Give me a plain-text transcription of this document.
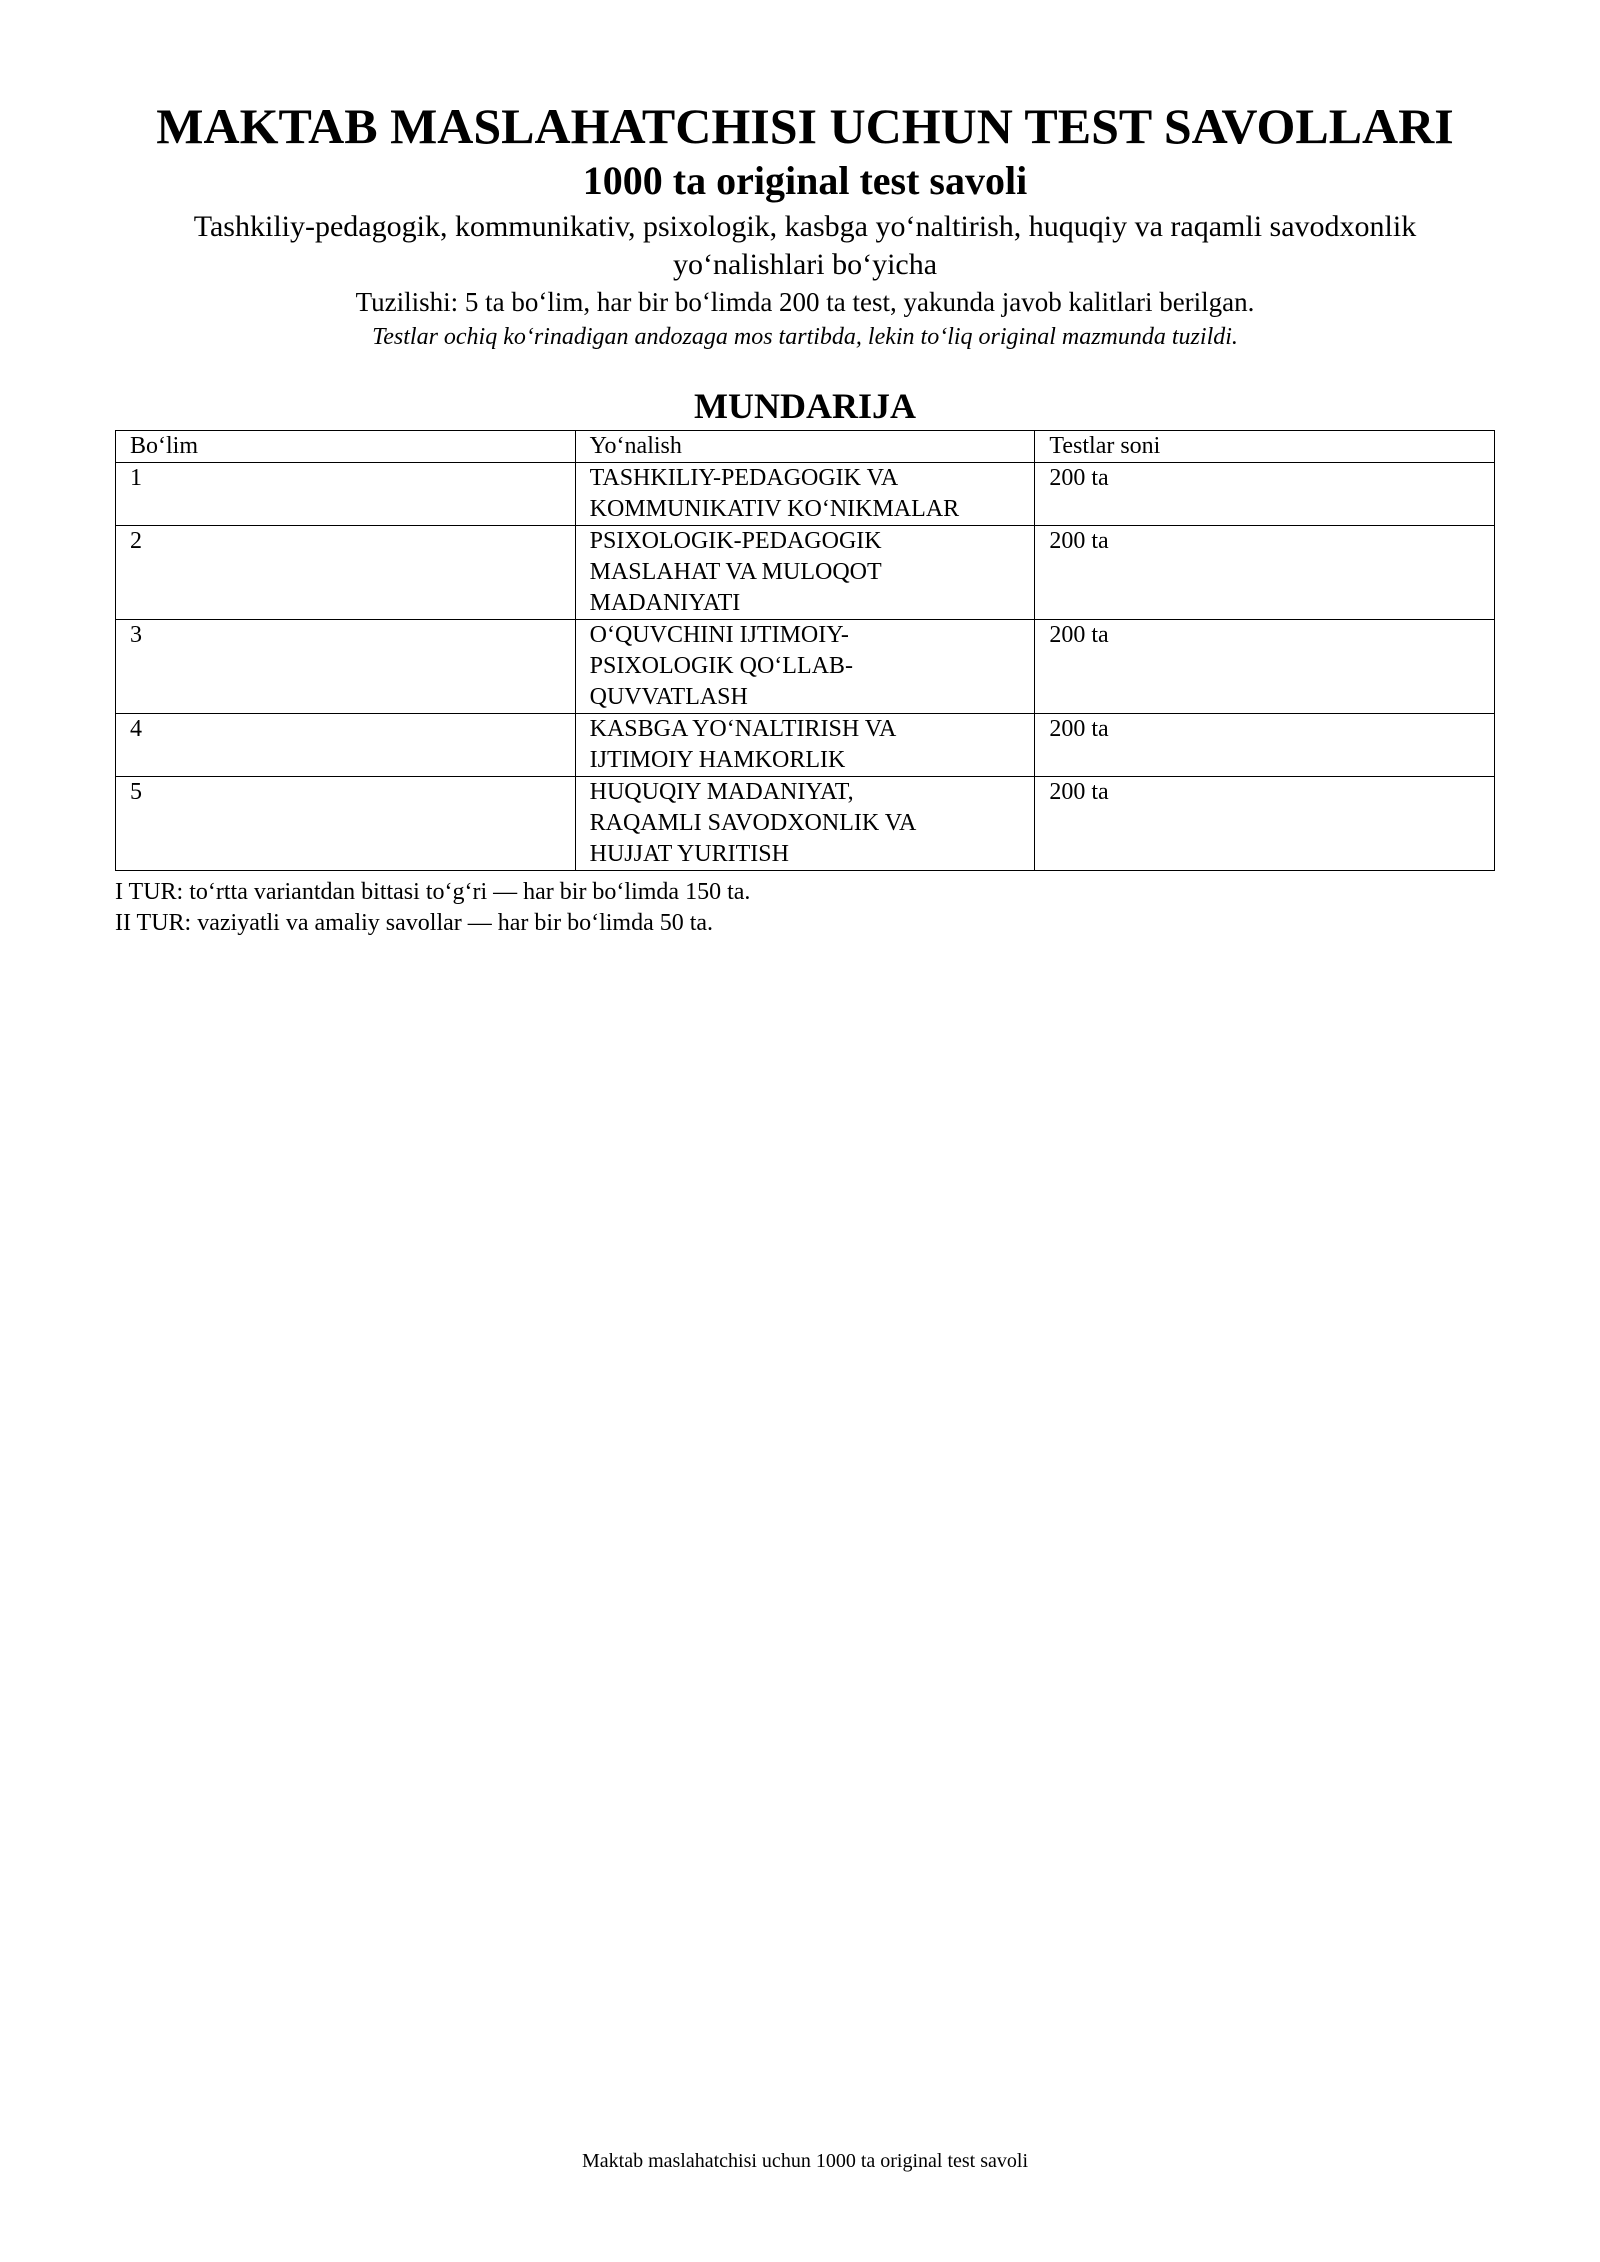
MAKTAB MASLAHATCHISI UCHUN TEST SAVOLLARI
1000 ta original test savoli
Tashkiliy-pedagogik, kommunikativ, psixologik, kasbga yo‘naltirish, huquqiy va raqamli savodxonlik
yo‘nalishlari bo‘yicha
Tuzilishi: 5 ta bo‘lim, har bir bo‘limda 200 ta test, yakunda javob kalitlari berilgan.
Testlar ochiq ko‘rinadigan andozaga mos tartibda, lekin to‘liq original mazmunda tuzildi.
MUNDARIJA
Bo‘lim	Yo‘nalish	Testlar soni
1	TASHKILIY-PEDAGOGIK VA
KOMMUNIKATIV KO‘NIKMALAR	200 ta
2	PSIXOLOGIK-PEDAGOGIK
MASLAHAT VA MULOQOT
MADANIYATI	200 ta
3	O‘QUVCHINI IJTIMOIY-
PSIXOLOGIK QO‘LLAB-
QUVVATLASH	200 ta
4	KASBGA YO‘NALTIRISH VA
IJTIMOIY HAMKORLIK	200 ta
5	HUQUQIY MADANIYAT,
RAQAMLI SAVODXONLIK VA
HUJJAT YURITISH	200 ta
I TUR: to‘rtta variantdan bittasi to‘g‘ri — har bir bo‘limda 150 ta.
II TUR: vaziyatli va amaliy savollar — har bir bo‘limda 50 ta.
Maktab maslahatchisi uchun 1000 ta original test savoli
